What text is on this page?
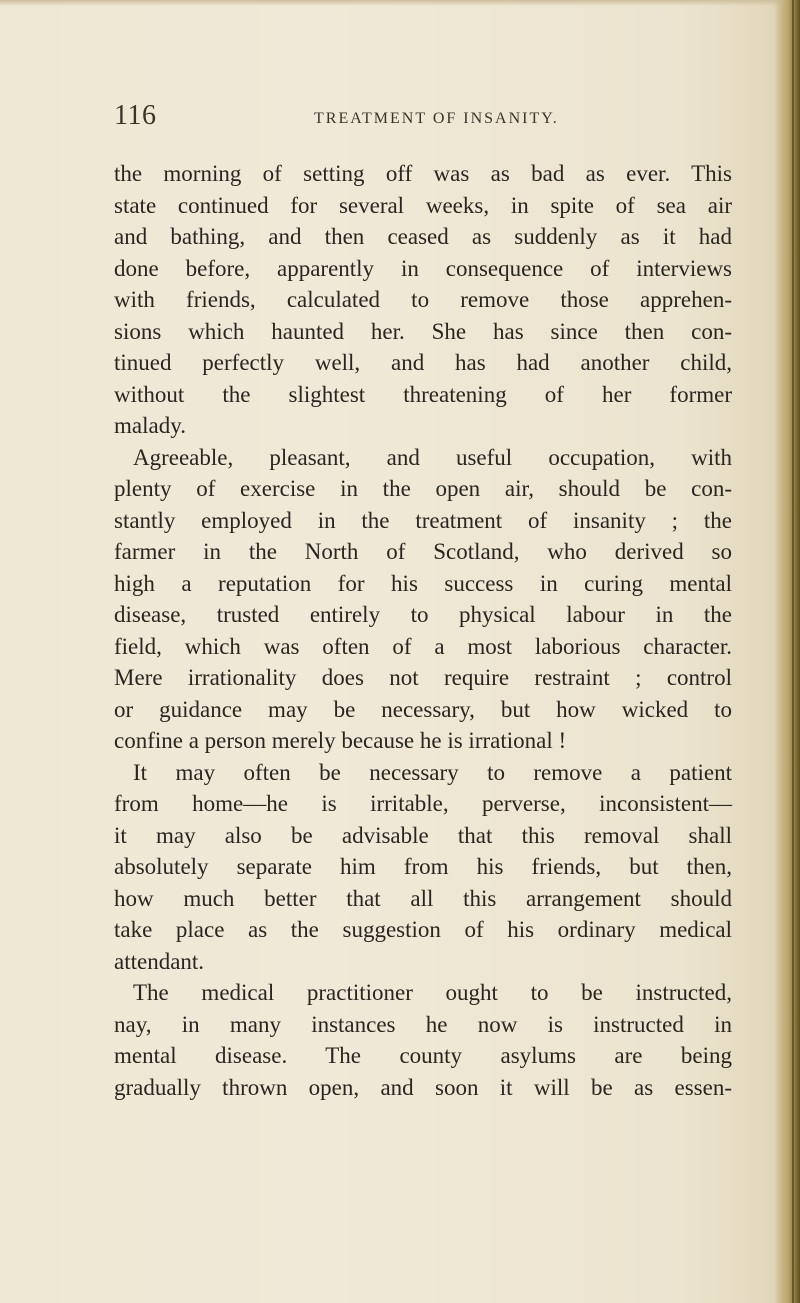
116	TREATMENT OF INSANITY.
the morning of setting off was as bad as ever. This
state continued for several weeks, in spite of sea air
and bathing, and then ceased as suddenly as it had
done before, apparently in consequence of interviews
with friends, calculated to remove those apprehen-
sions which haunted her. She has since then con-
tinued perfectly well, and has had another child,
without the slightest threatening of her former
malady.
Agreeable, pleasant, and useful occupation, with
plenty of exercise in the open air, should be con-
stantly employed in the treatment of insanity ; the
farmer in the North of Scotland, who derived so
high a reputation for his success in curing mental
disease, trusted entirely to physical labour in the
field, which was often of a most laborious character.
Mere irrationality does not require restraint ; control
or guidance may be necessary, but how wicked to
confine a person merely because he is irrational !
It may often be necessary to remove a patient
from home—he is irritable, perverse, inconsistent—
it may also be advisable that this removal shall
absolutely separate him from his friends, but then,
how much better that all this arrangement should
take place as the suggestion of his ordinary medical
attendant.
The medical practitioner ought to be instructed,
nay, in many instances he now is instructed in
mental disease. The county asylums are being
gradually thrown open, and soon it will be as essen-
